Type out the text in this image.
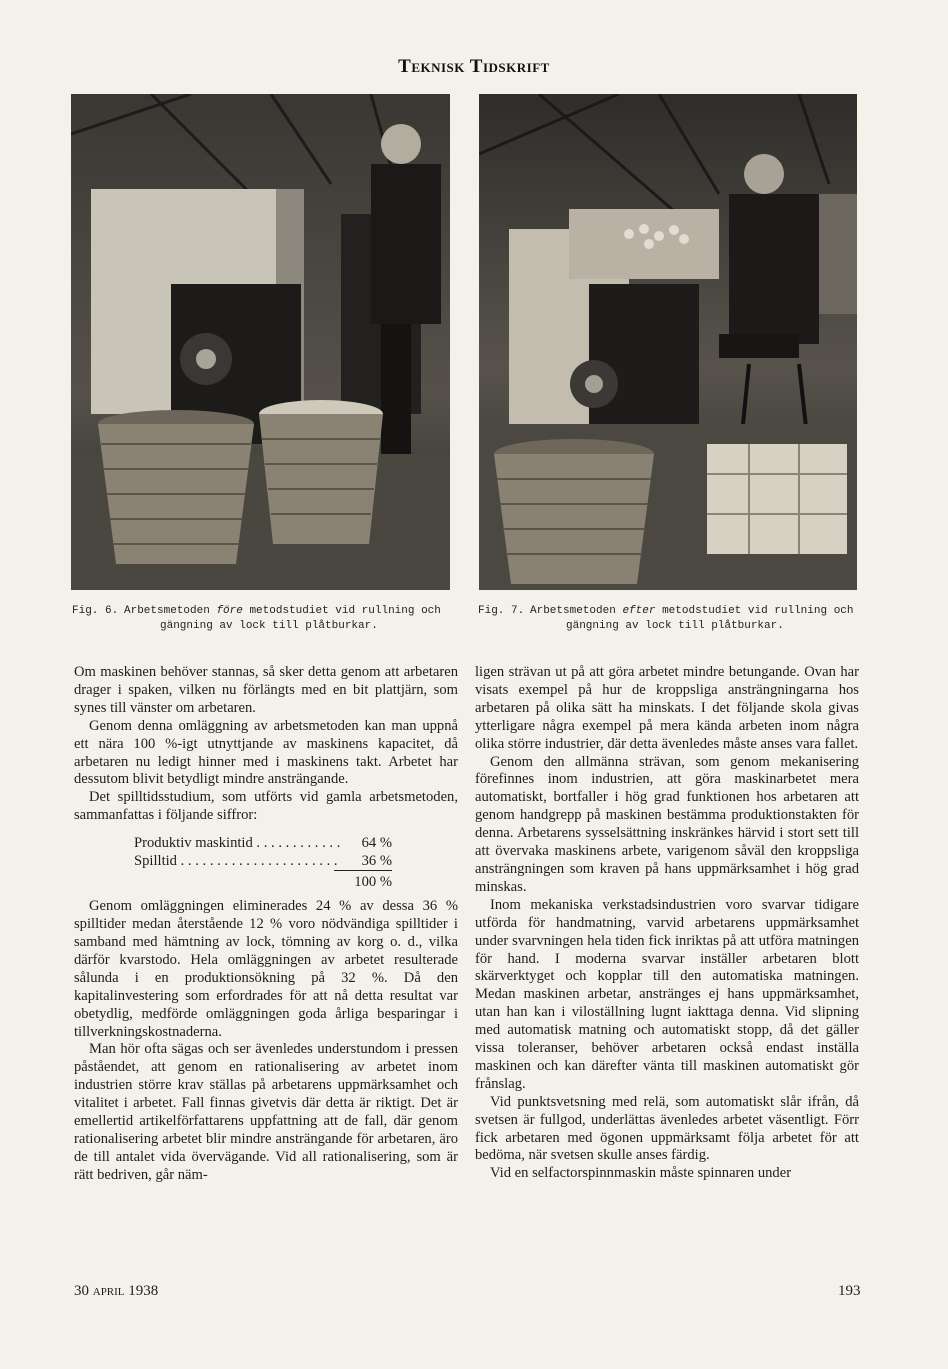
Teknisk Tidskrift
Fig. 6. Arbetsmetoden före metodstudiet vid rullning och
gängning av lock till plåtburkar.
Fig. 7. Arbetsmetoden efter metodstudiet vid rullning och
gängning av lock till plåtburkar.

Om maskinen behöver stannas, så sker detta genom att arbetaren drager i spaken, vilken nu förlängts med en bit plattjärn, som synes till vänster om arbetaren.

Genom denna omläggning av arbetsmetoden kan man uppnå ett nära 100 %-igt utnyttjande av maskinens kapacitet, då arbetaren nu ledigt hinner med i maskinens takt. Arbetet har dessutom blivit betydligt mindre ansträngande.

Det spilltidsstudium, som utförts vid gamla arbetsmetoden, sammanfattas i följande siffror:

Produktiv maskintid . . .	64 %
Spilltid . . .	36 %
100 %

Genom omläggningen eliminerades 24 % av dessa 36 % spilltider medan återstående 12 % voro nödvändiga spilltider i samband med hämtning av lock, tömning av korg o. d., vilka därför kvarstodo. Hela omläggningen av arbetet resulterade sålunda i en produktionsökning på 32 %. Då den kapitalinvestering som erfordrades för att nå detta resultat var obetydlig, medförde omläggningen goda årliga besparingar i tillverkningskostnaderna.

Man hör ofta sägas och ser ävenledes understundom i pressen påståendet, att genom en rationalisering av arbetet inom industrien större krav ställas på arbetarens uppmärksamhet och vitalitet i arbetet. Fall finnas givetvis där detta är riktigt. Det är emellertid artikelförfattarens uppfattning att de fall, där genom rationalisering arbetet blir mindre ansträngande för arbetaren, äro de till antalet vida övervägande. Vid all rationalisering, som är rätt bedriven, går näm-

ligen strävan ut på att göra arbetet mindre betungande. Ovan har visats exempel på hur de kroppsliga ansträngningarna hos arbetaren på olika sätt ha minskats. I det följande skola givas ytterligare några exempel på mera kända arbeten inom några olika större industrier, där detta ävenledes måste anses vara fallet.

Genom den allmänna strävan, som genom mekanisering förefinnes inom industrien, att göra maskinarbetet mera automatiskt, bortfaller i hög grad funktionen hos arbetaren att genom handgrepp på maskinen bestämma produktionstakten för denna. Arbetarens sysselsättning inskränkes härvid i stort sett till att övervaka maskinens arbete, varigenom såväl den kroppsliga ansträngningen som kraven på hans uppmärksamhet i hög grad minskas.

Inom mekaniska verkstadsindustrien voro svarvar tidigare utförda för handmatning, varvid arbetarens uppmärksamhet under svarvningen hela tiden fick inriktas på att utföra matningen för hand. I moderna svarvar inställer arbetaren blott skärverktyget och kopplar till den automatiska matningen. Medan maskinen arbetar, anstränges ej hans uppmärksamhet, utan han kan i viloställning lugnt iakttaga denna. Vid slipning med automatisk matning och automatiskt stopp, då det gäller vissa toleranser, behöver arbetaren också endast inställa maskinen och kan därefter vänta till maskinen automatiskt gör frånslag.

Vid punktsvetsning med relä, som automatiskt slår ifrån, då svetsen är fullgod, underlättas ävenledes arbetet väsentligt. Förr fick arbetaren med ögonen uppmärksamt följa arbetet för att bedöma, när svetsen skulle anses färdig.

Vid en selfactorspinnmaskin måste spinnaren under

30 april 1938	193
